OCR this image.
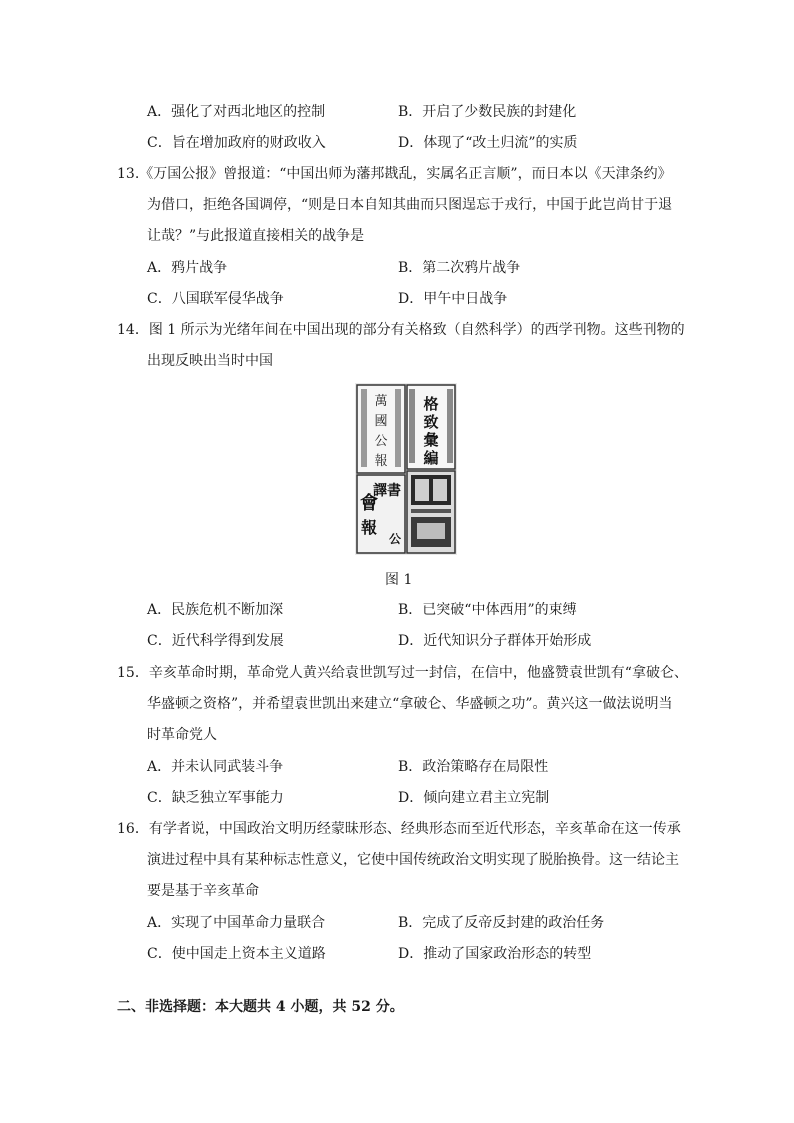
A．强化了对西北地区的控制	B．开启了少数民族的封建化
C．旨在增加政府的财政收入	D．体现了“改土归流”的实质
13.《万国公报》曾报道：“中国出师为藩邦戡乱，实属名正言顺”，而日本以《天津条约》
为借口，拒绝各国调停，“则是日本自知其曲而只图逞忘于戎行，中国于此岂尚甘于退
让哉？”与此报道直接相关的战争是
A．鸦片战争	B．第二次鸦片战争
C．八国联军侵华战争	D．甲午中日战争
14．图 1 所示为光绪年间在中国出现的部分有关格致（自然科学）的西学刊物。这些刊物的
出现反映出当时中国
萬
國
公
報
格
致
彙
編
會
譯書
報
公
图 1
A．民族危机不断加深	B．已突破“中体西用”的束缚
C．近代科学得到发展	D．近代知识分子群体开始形成
15．辛亥革命时期，革命党人黄兴给袁世凯写过一封信，在信中，他盛赞袁世凯有“拿破仑、
华盛顿之资格”，并希望袁世凯出来建立“拿破仑、华盛顿之功”。黄兴这一做法说明当
时革命党人
A．并未认同武装斗争	B．政治策略存在局限性
C．缺乏独立军事能力	D．倾向建立君主立宪制
16．有学者说，中国政治文明历经蒙昧形态、经典形态而至近代形态，辛亥革命在这一传承
演进过程中具有某种标志性意义，它使中国传统政治文明实现了脱胎换骨。这一结论主
要是基于辛亥革命
A．实现了中国革命力量联合	B．完成了反帝反封建的政治任务
C．使中国走上资本主义道路	D．推动了国家政治形态的转型
二、非选择题：本大题共 4 小题，共 52 分。
